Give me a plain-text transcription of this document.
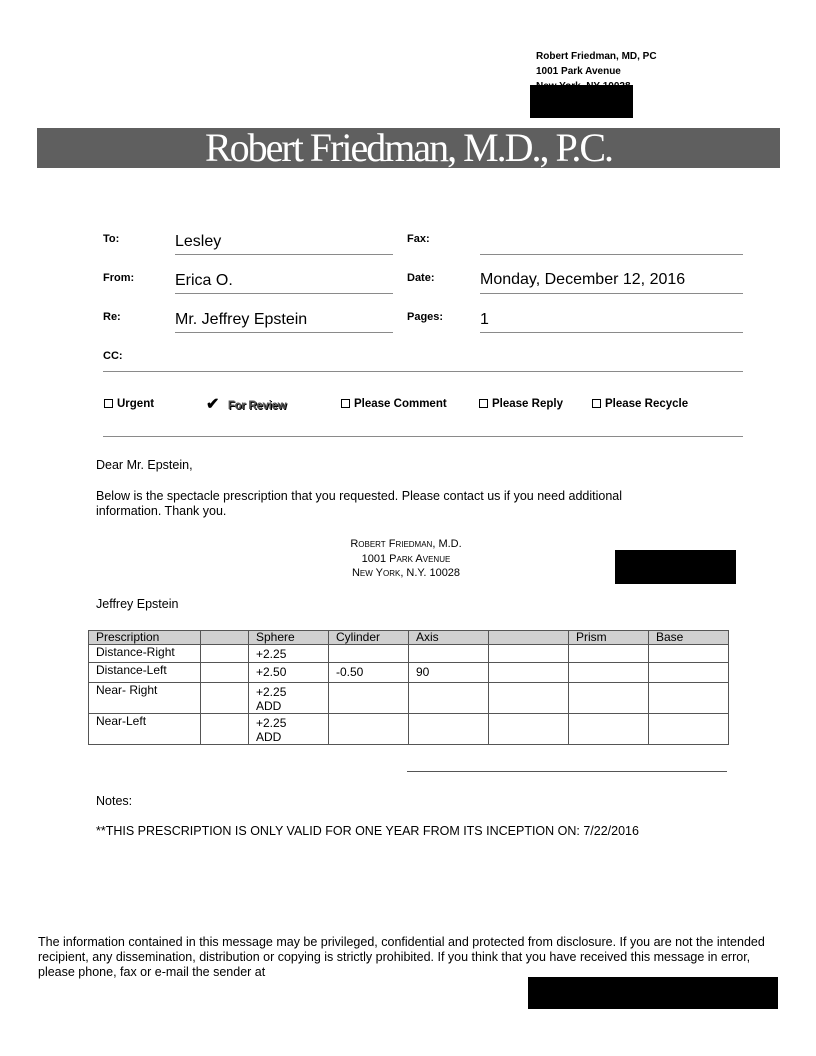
Robert Friedman, MD, PC
1001 Park Avenue
Robert Friedman, M.D., P.C.
To:	Lesley	Fax:
From:	Erica O.	Date:	Monday, December 12, 2016
Re:	Mr. Jeffrey Epstein	Pages: 1
CC:
Urgent	✔ For Review	Please Comment	Please Reply	Please Recycle
Dear Mr. Epstein,
Below is the spectacle prescription that you requested. Please contact us if you need additional information. Thank you.
Robert Friedman, M.D.
1001 Park Avenue
New York, N.Y. 10028
Jeffrey Epstein
Prescription		Sphere	Cylinder	Axis		Prism	Base
Distance-Right		+2.25					
Distance-Left		+2.50	-0.50	90			
Near- Right		+2.25
ADD					
Near-Left		+2.25
ADD					
Notes:
**THIS PRESCRIPTION IS ONLY VALID FOR ONE YEAR FROM ITS INCEPTION ON: 7/22/2016
The information contained in this message may be privileged, confidential and protected from disclosure. If you are not the intended recipient, any dissemination, distribution or copying is strictly prohibited. If you think that you have received this message in error, please phone, fax or e-mail the sender at
